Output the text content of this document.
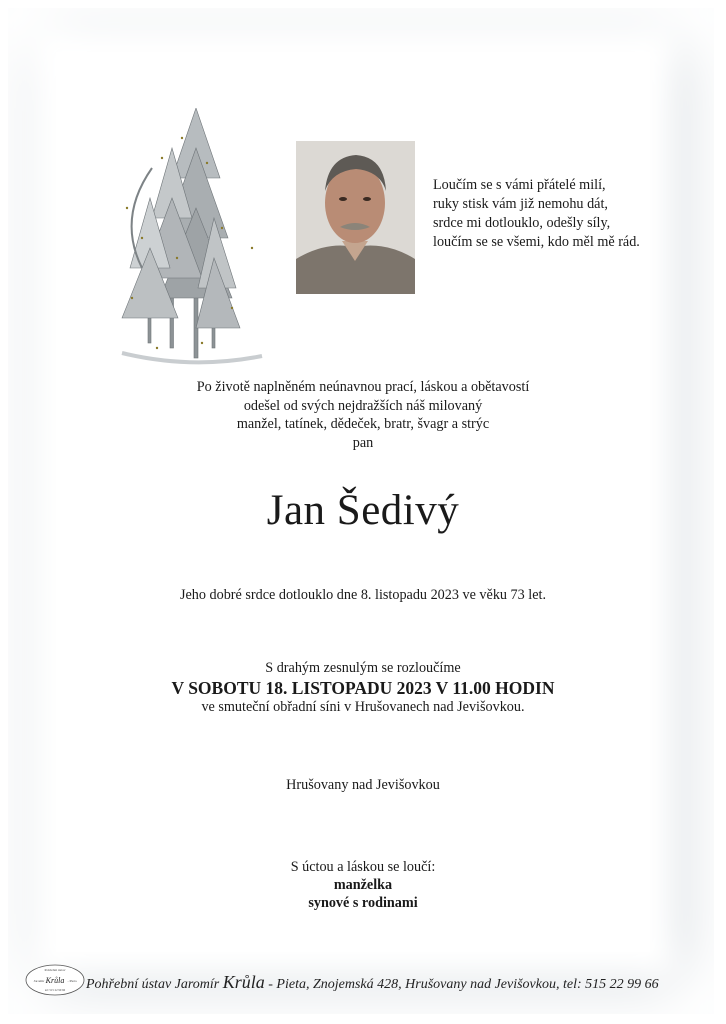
Loučím se s vámi přátelé milí,
ruky stisk vám již nemohu dát,
srdce mi dotlouklo, odešly síly,
loučím se se všemi, kdo měl mě rád.
Po životě naplněném neúnavnou prací, láskou a obětavostí
odešel od svých nejdražších náš milovaný
manžel, tatínek, dědeček, bratr, švagr a strýc
pan
Jan Šedivý
Jeho dobré srdce dotlouklo dne 8. listopadu 2023 ve věku 73 let.
S drahým zesnulým se rozloučíme
V SOBOTU 18. LISTOPADU 2023 V 11.00 HODIN
ve smuteční obřadní síni v Hrušovanech nad Jevišovkou.
Hrušovany nad Jevišovkou
S úctou a láskou se loučí:
manželka
synové s rodinami
Pohřební ústav
Jaromír Krůla - Pieta
tel: 515 22 99 66 Pohřební ústav Jaromír Krůla - Pieta, Znojemská 428, Hrušovany nad Jevišovkou, tel: 515 22 99 66
